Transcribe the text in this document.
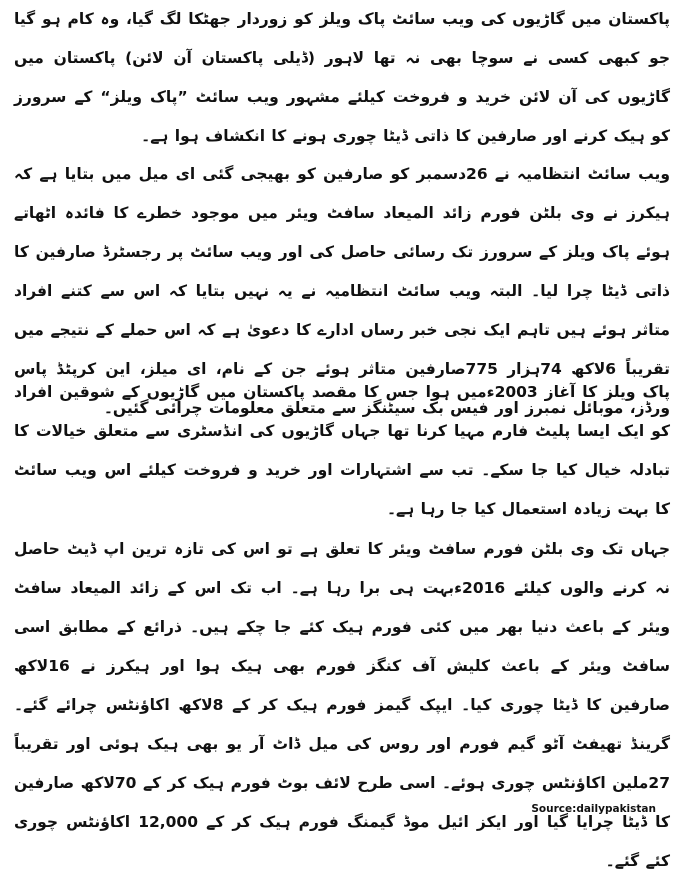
پاکستان میں گاڑیوں کی ویب سائٹ پاک ویلز کو زوردار جھٹکا لگ گیا، وہ کام ہو گیا جو کبھی کسی نے سوچا بھی نہ تھا لاہور (ڈیلی پاکستان آن لائن) پاکستان میں گاڑیوں کی آن لائن خرید و فروخت کیلئے مشہور ویب سائٹ ”پاک ویلز“ کے سرورز کو ہیک کرنے اور صارفین کا ذاتی ڈیٹا چوری ہونے کا انکشاف ہوا ہے۔

ویب سائٹ انتظامیہ نے 26دسمبر کو صارفین کو بھیجی گئی ای میل میں بتایا ہے کہ ہیکرز نے وی بلٹن فورم زائد المیعاد سافٹ ویئر میں موجود خطرے کا فائدہ اٹھاتے ہوئے پاک ویلز کے سرورز تک رسائی حاصل کی اور ویب سائٹ پر رجسٹرڈ صارفین کا ذاتی ڈیٹا چرا لیا۔ البتہ ویب سائٹ انتظامیہ نے یہ نہیں بتایا کہ اس سے کتنے افراد متاثر ہوئے ہیں تاہم ایک نجی خبر رساں ادارے کا دعویٰ ہے کہ اس حملے کے نتیجے میں تقریباً 6لاکھ 74ہزار 775صارفین متاثر ہوئے جن کے نام، ای میلز، این کرپٹڈ پاس ورڈز، موبائل نمبرز اور فیس بک سیٹنگز سے متعلق معلومات چرائی گئیں۔

پاک ویلز کا آغاز 2003ءمیں ہوا جس کا مقصد پاکستان میں گاڑیوں کے شوقین افراد کو ایک ایسا پلیٹ فارم مہیا کرنا تھا جہاں گاڑیوں کی انڈسٹری سے متعلق خیالات کا تبادلہ خیال کیا جا سکے۔ تب سے اشتہارات اور خرید و فروخت کیلئے اس ویب سائٹ کا بہت زیادہ استعمال کیا جا رہا ہے۔

جہاں تک وی بلٹن فورم سافٹ ویئر کا تعلق ہے تو اس کی تازہ ترین اپ ڈیٹ حاصل نہ کرنے والوں کیلئے 2016ءبہت ہی برا رہا ہے۔ اب تک اس کے زائد المیعاد سافٹ ویئر کے باعث دنیا بھر میں کئی فورم ہیک کئے جا چکے ہیں۔ ذرائع کے مطابق اسی سافٹ ویئر کے باعث کلیش آف کنگز فورم بھی ہیک ہوا اور ہیکرز نے 16لاکھ صارفین کا ڈیٹا چوری کیا۔ ایپک گیمز فورم ہیک کر کے 8لاکھ اکاﺅنٹس چرائے گئے۔ گرینڈ تھیفٹ آٹو گیم فورم اور روس کی میل ڈاٹ آر یو بھی ہیک ہوئی اور تقریباً 27ملین اکاﺅنٹس چوری ہوئے۔ اسی طرح لائف بوٹ فورم ہیک کر کے 70لاکھ صارفین کا ڈیٹا چرایا گیا اور ایکز ائیل موڈ گیمنگ فورم ہیک کر کے 12,000 اکاﺅنٹس چوری کئے گئے۔

Source:dailypakistan
